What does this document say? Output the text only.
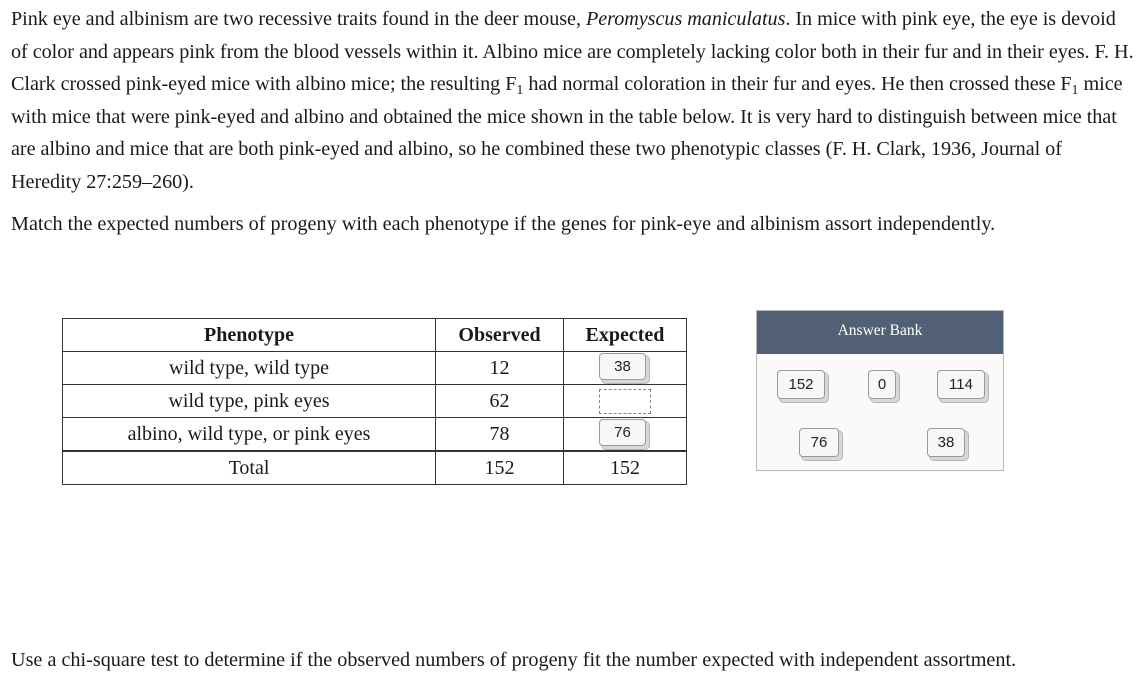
Pink eye and albinism are two recessive traits found in the deer mouse, Peromyscus maniculatus. In mice with pink eye, the eye is devoid of color and appears pink from the blood vessels within it. Albino mice are completely lacking color both in their fur and in their eyes. F. H. Clark crossed pink-eyed mice with albino mice; the resulting $F_1$ had normal coloration in their fur and eyes. He then crossed these $F_1$ mice with mice that were pink-eyed and albino and obtained the mice shown in the table below. It is very hard to distinguish between mice that are albino and mice that are both pink-eyed and albino, so he combined these two phenotypic classes (F. H. Clark, 1936, Journal of Heredity 27:259–260).

Match the expected numbers of progeny with each phenotype if the genes for pink-eye and albinism assort independently.

Phenotype	Observed	Expected
wild type, wild type	12	38

wild type, pink eyes	62	
albino, wild type, or pink eyes	78	76

Total	152	152
Answer Bank
152	0	114
76	38

Use a chi-square test to determine if the observed numbers of progeny fit the number expected with independent assortment.
